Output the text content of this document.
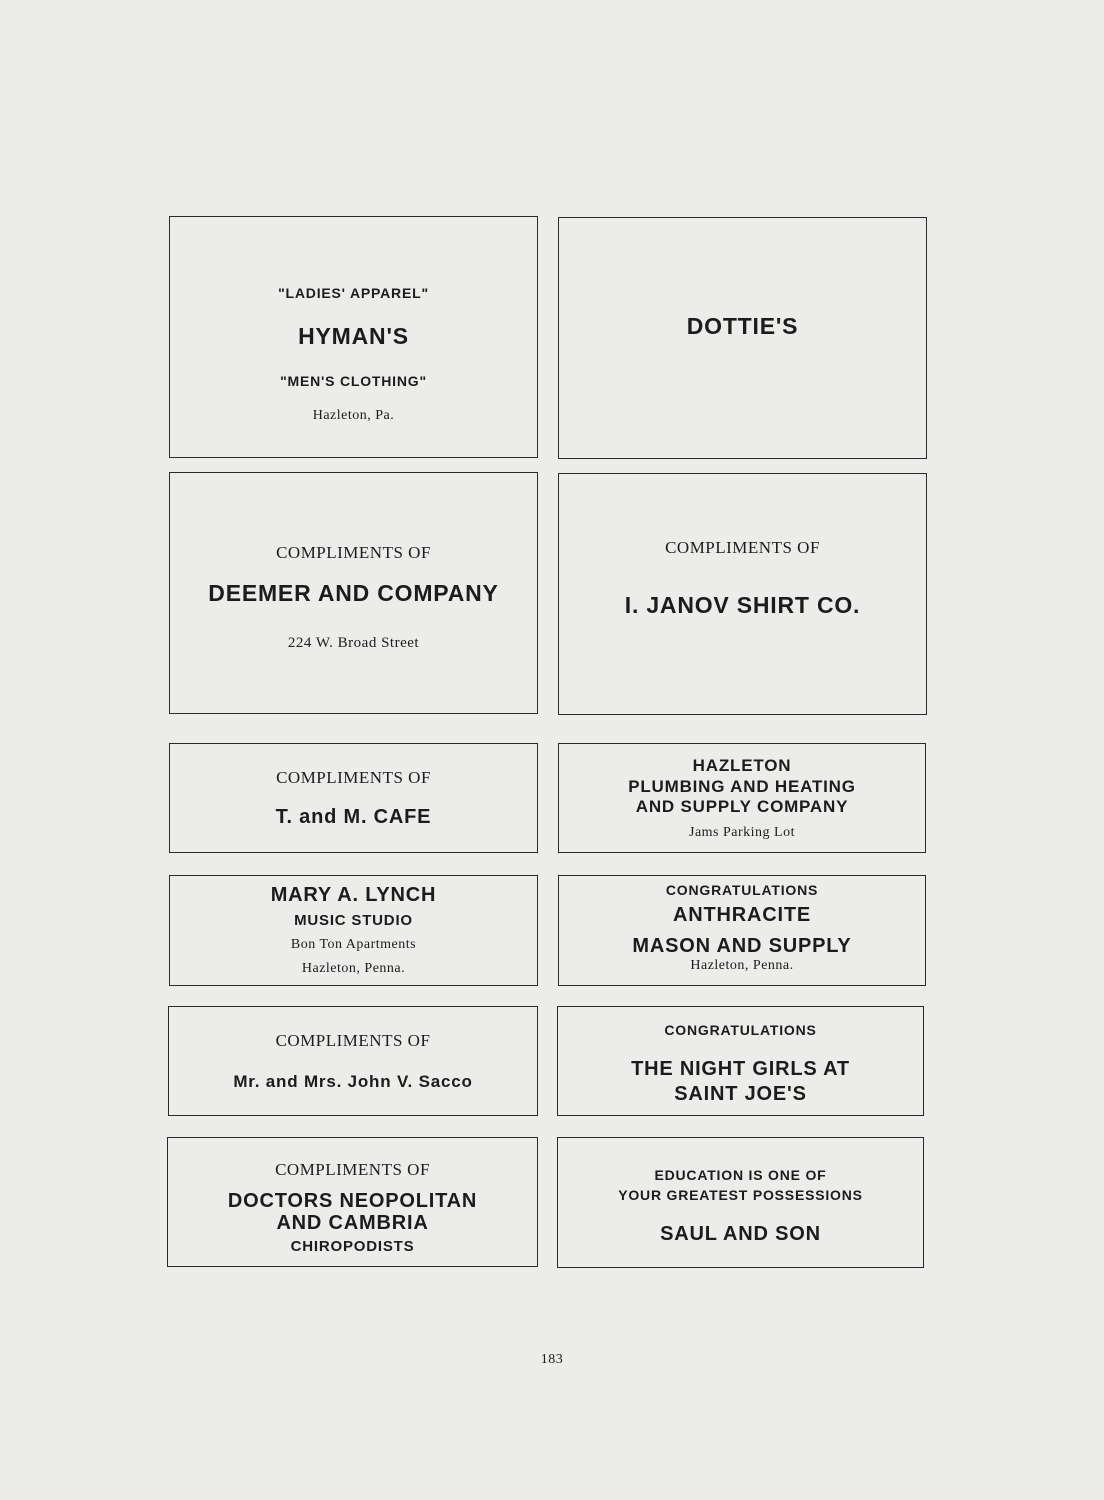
"LADIES' APPAREL"
HYMAN'S
"MEN'S CLOTHING"
Hazleton, Pa.
DOTTIE'S
COMPLIMENTS OF
DEEMER AND COMPANY
224 W. Broad Street
COMPLIMENTS OF
I. JANOV SHIRT CO.
COMPLIMENTS OF
T. and M. CAFE
HAZLETON
PLUMBING AND HEATING
AND SUPPLY COMPANY
Jams Parking Lot
MARY A. LYNCH
MUSIC STUDIO
Bon Ton Apartments
Hazleton, Penna.
CONGRATULATIONS
ANTHRACITE
MASON AND SUPPLY
Hazleton, Penna.
COMPLIMENTS OF
Mr. and Mrs. John V. Sacco
CONGRATULATIONS
THE NIGHT GIRLS AT
SAINT JOE'S
COMPLIMENTS OF
DOCTORS NEOPOLITAN
AND CAMBRIA
CHIROPODISTS
EDUCATION IS ONE OF
YOUR GREATEST POSSESSIONS
SAUL AND SON
183
